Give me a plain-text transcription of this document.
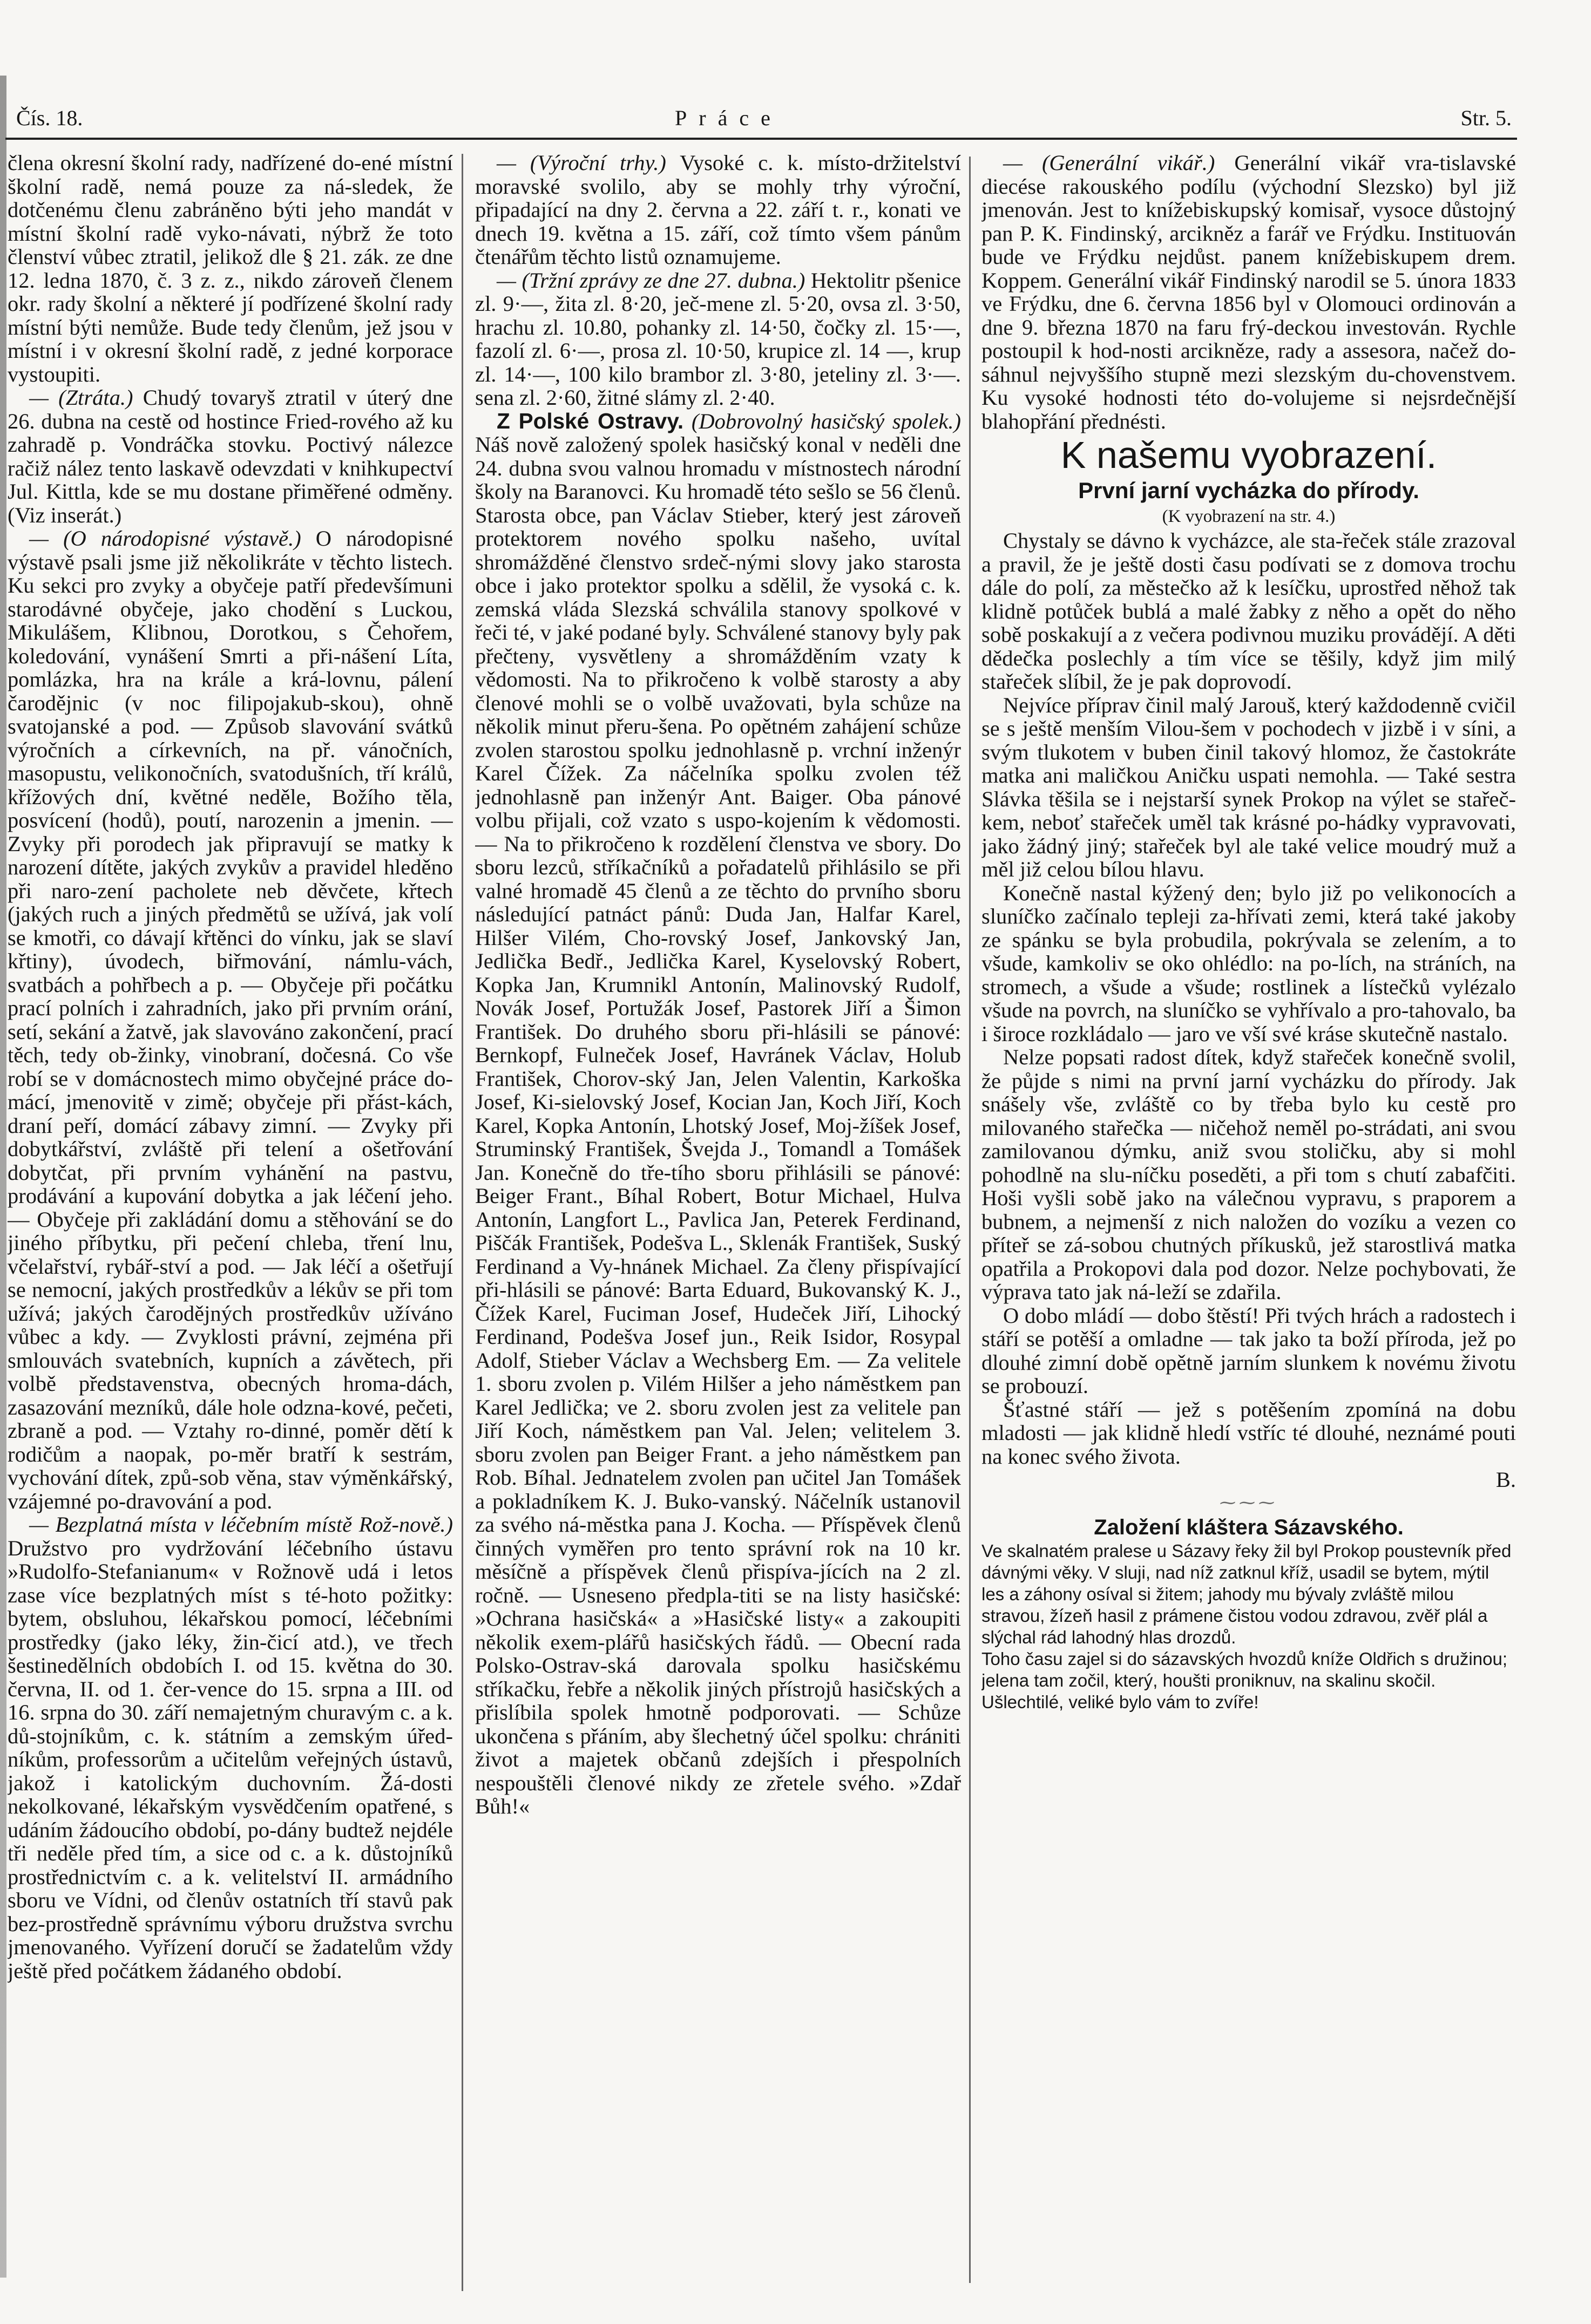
Čís. 18.	Práce	Str. 5.

člena okresní školní rady, nadřízené do-ené místní školní radě, nemá pouze za ná-sledek, že dotčenému členu zabráněno býti jeho mandát v místní školní radě vyko-návati, nýbrž že toto členství vůbec ztratil, jelikož dle § 21. zák. ze dne 12. ledna 1870, č. 3 z. z., nikdo zároveň členem okr. rady školní a některé jí podřízené školní rady místní býti nemůže. Bude tedy členům, jež jsou v místní i v okresní školní radě, z jedné korporace vystoupiti.

— (Ztráta.) Chudý tovaryš ztratil v úterý dne 26. dubna na cestě od hostince Fried-rového až ku zahradě p. Vondráčka stovku. Poctivý nálezce račiž nález tento laskavě odevzdati v knihkupectví Jul. Kittla, kde se mu dostane přiměřené odměny. (Viz inserát.)

— (O národopisné výstavě.) O národopisné výstavě psali jsme již několikráte v těchto listech. Ku sekci pro zvyky a obyčeje patří předevšímuni starodávné obyčeje, jako chodění s Luckou, Mikulášem, Klibnou, Dorotkou, s Čehořem, koledování, vynášení Smrti a při-nášení Líta, pomlázka, hra na krále a krá-lovnu, pálení čarodějnic (v noc filipojakub-skou), ohně svatojanské a pod. — Způsob slavování svátků výročních a církevních, na př. vánočních, masopustu, velikonočních, svatodušních, tří králů, křížových dní, květné neděle, Božího těla, posvícení (hodů), poutí, narozenin a jmenin. — Zvyky při porodech jak připravují se matky k narození dítěte, jakých zvykův a pravidel hleděno při naro-zení pacholete neb děvčete, křtech (jakých ruch a jiných předmětů se užívá, jak volí se kmotři, co dávají křtěnci do vínku, jak se slaví křtiny), úvodech, biřmování, námlu-vách, svatbách a pohřbech a p. — Obyčeje při počátku prací polních i zahradních, jako při prvním orání, setí, sekání a žatvě, jak slavováno zakončení, prací těch, tedy ob-žinky, vinobraní, dočesná. Co vše robí se v domácnostech mimo obyčejné práce do-mácí, jmenovitě v zimě; obyčeje při přást-kách, draní peří, domácí zábavy zimní. — Zvyky při dobytkářství, zvláště při telení a ošetřování dobytčat, při prvním vyhánění na pastvu, prodávání a kupování dobytka a jak léčení jeho. — Obyčeje při zakládání domu a stěhování se do jiného příbytku, při pečení chleba, tření lnu, včelařství, rybář-ství a pod. — Jak léčí a ošetřují se nemocní, jakých prostředkův a lékův se při tom užívá; jakých čarodějných prostředkův užíváno vůbec a kdy. — Zvyklosti právní, zejména při smlouvách svatebních, kupních a závětech, při volbě představenstva, obecných hroma-dách, zasazování mezníků, dále hole odzna-kové, pečeti, zbraně a pod. — Vztahy ro-dinné, poměr dětí k rodičům a naopak, po-měr bratří k sestrám, vychování dítek, způ-sob věna, stav výměnkářský, vzájemné po-dravování a pod.

— Bezplatná místa v léčebním místě Rož-nově.) Družstvo pro vydržování léčebního ústavu »Rudolfo-Stefanianum« v Rožnově udá i letos zase více bezplatných míst s té-hoto požitky: bytem, obsluhou, lékařskou pomocí, léčebními prostředky (jako léky, žin-čicí atd.), ve třech šestinedělních obdobích I. od 15. května do 30. června, II. od 1. čer-vence do 15. srpna a III. od 16. srpna do 30. září nemajetným churavým c. a k. dů-stojníkům, c. k. státním a zemským úřed-níkům, professorům a učitelům veřejných ústavů, jakož i katolickým duchovním. Žá-dosti nekolkované, lékařským vysvědčením opatřené, s udáním žádoucího období, po-dány budtež nejdéle tři neděle před tím, a sice od c. a k. důstojníků prostřednictvím c. a k. velitelství II. armádního sboru ve Vídni, od členův ostatních tří stavů pak bez-prostředně správnímu výboru družstva svrchu jmenovaného. Vyřízení doručí se žadatelům vždy ještě před počátkem žádaného období.

— (Výroční trhy.) Vysoké c. k. místo-držitelství moravské svolilo, aby se mohly trhy výroční, připadající na dny 2. června a 22. září t. r., konati ve dnech 19. května a 15. září, což tímto všem pánům čtenářům těchto listů oznamujeme.

— (Tržní zprávy ze dne 27. dubna.) Hektolitr pšenice zl. 9·—, žita zl. 8·20, ječ-mene zl. 5·20, ovsa zl. 3·50, hrachu zl. 10.80, pohanky zl. 14·50, čočky zl. 15·—, fazolí zl. 6·—, prosa zl. 10·50, krupice zl. 14 —, krup zl. 14·—, 100 kilo brambor zl. 3·80, jeteliny zl. 3·—. sena zl. 2·60, žitné slámy zl. 2·40.

Z Polské Ostravy. (Dobrovolný hasičský spolek.) Náš nově založený spolek hasičský konal v neděli dne 24. dubna svou valnou hromadu v místnostech národní školy na Baranovci. Ku hromadě této sešlo se 56 členů. Starosta obce, pan Václav Stieber, který jest zároveň protektorem nového spolku našeho, uvítal shromážděné členstvo srdeč-nými slovy jako starosta obce i jako protektor spolku a sdělil, že vysoká c. k. zemská vláda Slezská schválila stanovy spolkové v řeči té, v jaké podané byly. Schválené stanovy byly pak přečteny, vysvětleny a shromážděním vzaty k vědomosti. Na to přikročeno k volbě starosty a aby členové mohli se o volbě uvažovati, byla schůze na několik minut přeru-šena. Po opětném zahájení schůze zvolen starostou spolku jednohlasně p. vrchní inženýr Karel Čížek. Za náčelníka spolku zvolen též jednohlasně pan inženýr Ant. Baiger. Oba pánové volbu přijali, což vzato s uspo-kojením k vědomosti. — Na to přikročeno k rozdělení členstva ve sbory. Do sboru lezců, stříkačníků a pořadatelů přihlásilo se při valné hromadě 45 členů a ze těchto do prvního sboru následující patnáct pánů: Duda Jan, Halfar Karel, Hilšer Vilém, Cho-rovský Josef, Jankovský Jan, Jedlička Bedř., Jedlička Karel, Kyselovský Robert, Kopka Jan, Krumnikl Antonín, Malinovský Rudolf, Novák Josef, Portužák Josef, Pastorek Jiří a Šimon František. Do druhého sboru při-hlásili se pánové: Bernkopf, Fulneček Josef, Havránek Václav, Holub František, Chorov-ský Jan, Jelen Valentin, Karkoška Josef, Ki-sielovský Josef, Kocian Jan, Koch Jiří, Koch Karel, Kopka Antonín, Lhotský Josef, Moj-žíšek Josef, Struminský František, Švejda J., Tomandl a Tomášek Jan. Konečně do tře-tího sboru přihlásili se pánové: Beiger Frant., Bíhal Robert, Botur Michael, Hulva Antonín, Langfort L., Pavlica Jan, Peterek Ferdinand, Piščák František, Podešva L., Sklenák František, Suský Ferdinand a Vy-hnánek Michael. Za členy přispívající při-hlásili se pánové: Barta Eduard, Bukovanský K. J., Čížek Karel, Fuciman Josef, Hudeček Jiří, Lihocký Ferdinand, Podešva Josef jun., Reik Isidor, Rosypal Adolf, Stieber Václav a Wechsberg Em. — Za velitele 1. sboru zvolen p. Vilém Hilšer a jeho náměstkem pan Karel Jedlička; ve 2. sboru zvolen jest za velitele pan Jiří Koch, náměstkem pan Val. Jelen; velitelem 3. sboru zvolen pan Beiger Frant. a jeho náměstkem pan Rob. Bíhal. Jednatelem zvolen pan učitel Jan Tomášek a pokladníkem K. J. Buko-vanský. Náčelník ustanovil za svého ná-městka pana J. Kocha. — Příspěvek členů činných vyměřen pro tento správní rok na 10 kr. měsíčně a příspěvek členů přispíva-jících na 2 zl. ročně. — Usneseno předpla-titi se na listy hasičské: »Ochrana hasičská« a »Hasičské listy« a zakoupiti několik exem-plářů hasičských řádů. — Obecní rada Polsko-Ostrav-ská darovala spolku hasičskému stříkačku, řebře a několik jiných přístrojů hasičských a přislíbila spolek hmotně podporovati. — Schůze ukončena s přáním, aby šlechetný účel spolku: chrániti život a majetek občanů zdejších i přespolních nespouštěli členové nikdy ze zřetele svého. »Zdař Bůh!«

— (Generální vikář.) Generální vikář vra-tislavské diecése rakouského podílu (východní Slezsko) byl již jmenován. Jest to knížebiskupský komisař, vysoce důstojný pan P. K. Findinský, arcikněz a farář ve Frýdku. Instituován bude ve Frýdku nejdůst. panem knížebiskupem drem. Koppem. Generální vikář Findinský narodil se 5. února 1833 ve Frýdku, dne 6. června 1856 byl v Olomouci ordinován a dne 9. března 1870 na faru frý-deckou investován. Rychle postoupil k hod-nosti arcikněze, rady a assesora, načež do-sáhnul nejvyššího stupně mezi slezským du-chovenstvem. Ku vysoké hodnosti této do-volujeme si nejsrdečnější blahopřání přednésti.

K našemu vyobrazení.

První jarní vycházka do přírody.

(K vyobrazení na str. 4.)

Chystaly se dávno k vycházce, ale sta-řeček stále zrazoval a pravil, že je ještě dosti času podívati se z domova trochu dále do polí, za městečko až k lesíčku, uprostřed něhož tak klidně potůček bublá a malé žabky z něho a opět do něho sobě poskakují a z večera podivnou muziku provádějí. A děti dědečka poslechly a tím více se těšily, když jim milý stařeček slíbil, že je pak doprovodí.

Nejvíce příprav činil malý Jarouš, který každodenně cvičil se s ještě menším Vilou-šem v pochodech v jizbě i v síni, a svým tlukotem v buben činil takový hlomoz, že častokráte matka ani maličkou Aničku uspati nemohla. — Také sestra Slávka těšila se i nejstarší synek Prokop na výlet se stařeč-kem, neboť stařeček uměl tak krásné po-hádky vypravovati, jako žádný jiný; stařeček byl ale také velice moudrý muž a měl již celou bílou hlavu.

Konečně nastal kýžený den; bylo již po velikonocích a sluníčko začínalo tepleji za-hřívati zemi, která také jakoby ze spánku se byla probudila, pokrývala se zelením, a to všude, kamkoliv se oko ohlédlo: na po-lích, na stráních, na stromech, a všude a všude; rostlinek a lístečků vylézalo všude na povrch, na sluníčko se vyhřívalo a pro-tahovalo, ba i široce rozkládalo — jaro ve vší své kráse skutečně nastalo.

Nelze popsati radost dítek, když stařeček konečně svolil, že půjde s nimi na první jarní vycházku do přírody. Jak snášely vše, zvláště co by třeba bylo ku cestě pro milovaného stařečka — ničehož neměl po-strádati, ani svou zamilovanou dýmku, aniž svou stoličku, aby si mohl pohodlně na slu-níčku poseděti, a při tom s chutí zabafčiti. Hoši vyšli sobě jako na válečnou vypravu, s praporem a bubnem, a nejmenší z nich naložen do vozíku a vezen co příteř se zá-sobou chutných příkusků, jež starostlivá matka opatřila a Prokopovi dala pod dozor. Nelze pochybovati, že výprava tato jak ná-leží se zdařila.

O dobo mládí — dobo štěstí! Při tvých hrách a radostech i stáří se potěší a omladne — tak jako ta boží příroda, jež po dlouhé zimní době opětně jarním slunkem k novému životu se probouzí.

Šťastné stáří — jež s potěšením zpomíná na dobu mladosti — jak klidně hledí vstříc té dlouhé, neznámé pouti na konec svého života.

B.

⁓⁓⁓

Založení kláštera Sázavského.

Ve skalnatém pralese u Sázavy řeky žil byl Prokop poustevník před dávnými věky. V sluji, nad níž zatknul kříž, usadil se bytem, mýtil les a záhony osíval si žitem; jahody mu bývaly zvláště milou stravou, žízeň hasil z prámene čistou vodou zdravou, zvěř plál a slýchal rád lahodný hlas drozdů.

Toho času zajel si do sázavských hvozdů kníže Oldřich s družinou; jelena tam zočil, který, houšti proniknuv, na skalinu skočil. Ušlechtilé, veliké bylo vám to zvíře!
